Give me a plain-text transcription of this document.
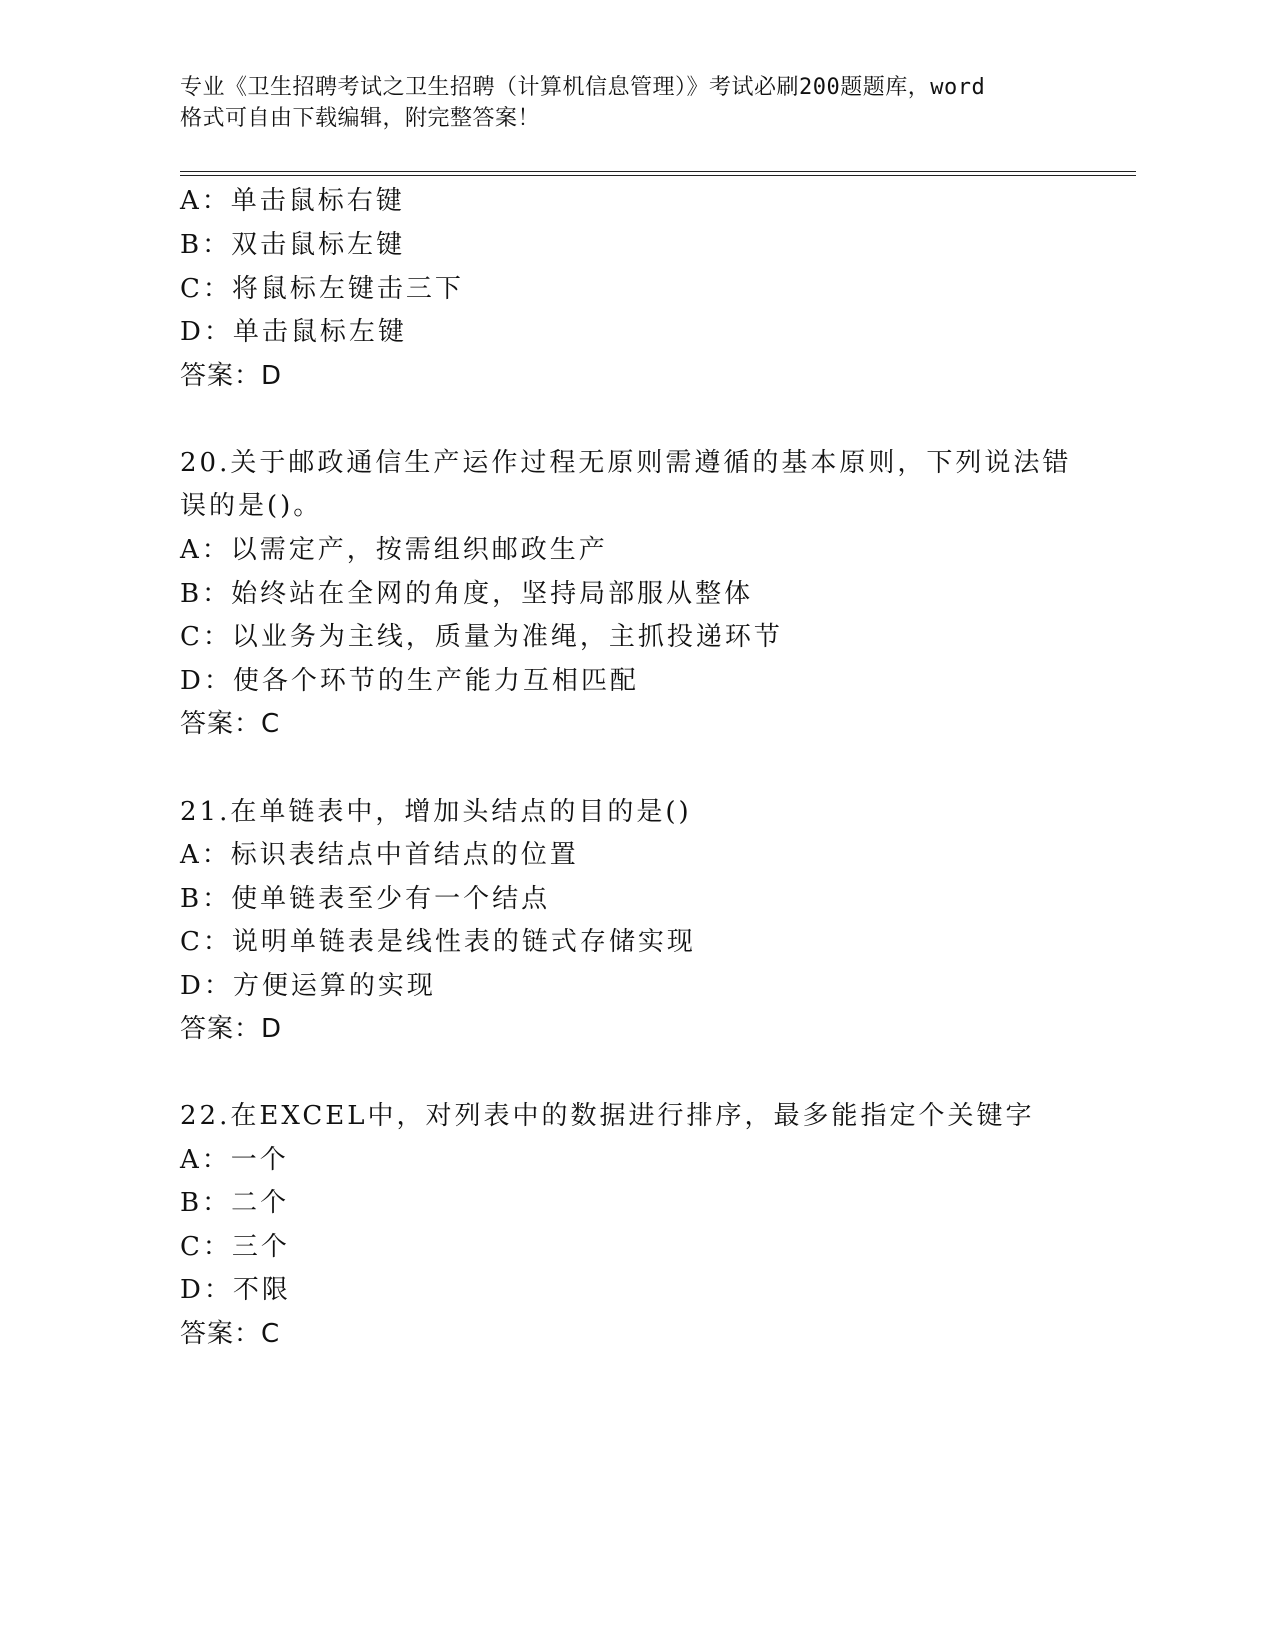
专业《卫生招聘考试之卫生招聘（计算机信息管理）》考试必刷200题题库，word
格式可自由下载编辑，附完整答案！
A：单击鼠标右键
B：双击鼠标左键
C：将鼠标左键击三下
D：单击鼠标左键
答案：D
20.关于邮政通信生产运作过程无原则需遵循的基本原则，下列说法错
误的是()。
A：以需定产，按需组织邮政生产
B：始终站在全网的角度，坚持局部服从整体
C：以业务为主线，质量为准绳，主抓投递环节
D：使各个环节的生产能力互相匹配
答案：C
21.在单链表中，增加头结点的目的是()
A：标识表结点中首结点的位置
B：使单链表至少有一个结点
C：说明单链表是线性表的链式存储实现
D：方便运算的实现
答案：D
22.在EXCEL中，对列表中的数据进行排序，最多能指定个关键字
A：一个
B：二个
C：三个
D：不限
答案：C
